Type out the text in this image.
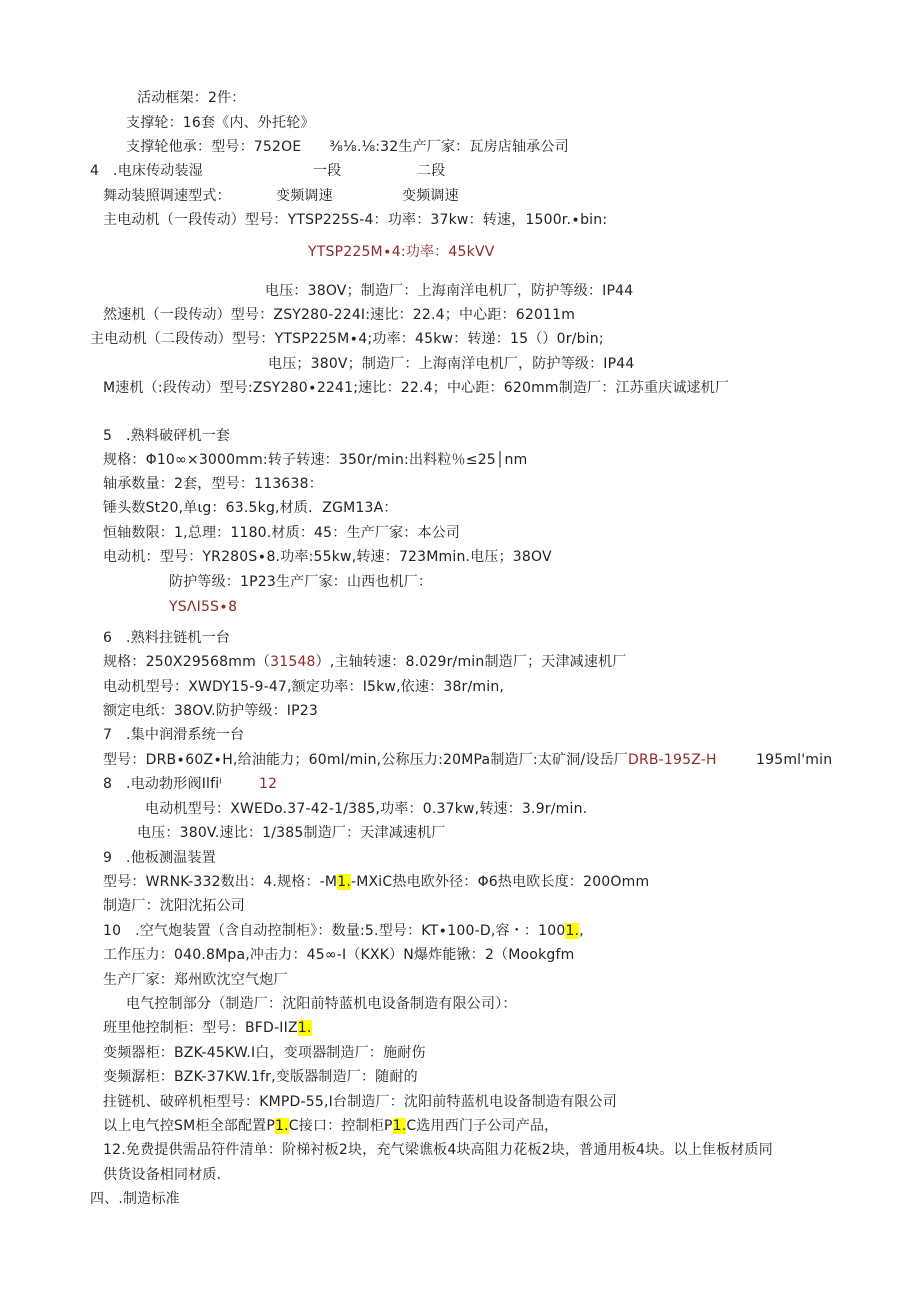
活动框架：2件：
支撑轮：16套《内、外托轮》
支撑轮他承：型号：752OE      ⅜⅛.⅛:32生产厂家：瓦房店轴承公司
4   .电床传动装湿	一段	二段
舞动装照调速型式：	变频调速	变频调速
主电动机（一段传动）型号：YTSP225S-4：功率：37kw：转速，1500r.∙bin:
YTSP225M∙4:功率：45kVV
电压：38OV；制造厂：上海南洋电机厂，防护等级：IP44
然速机（一段传动）型号：ZSY280-224I:速比：22.4；中心距：62011m
主电动机（二段传动）型号：YTSP225M∙4;功率：45kw：转递：15（）0r∕bin;
电压；380V；制造厂：上海南洋电机厂，防护等级：IP44
M速机（:段传动）型号:ZSY280∙2241;速比：22.4；中心距：620mm制造厂：江苏重庆诚逑机厂
5   .熟料破砰机一套
规格：Φ10∞×3000mm:转子转速：350r∕min:出料粒％≤25│nm
轴承数量：2套，型号：113638：
锤头数St20,单ιg：63.5kg,材质．ZGM13A：
恒轴数限：1,总理：1180.材质：45：生产厂家：本公司
电动机：型号：YR280S∙8.功率:55kw,转速：723Mmin.电压；38OV
防护等级：1P23生产厂家：山西也机厂：
YSΛI5S∙8
6   .熟料拄链机一台
规格：250X29568mm（31548）,主轴转速：8.029r∕min制造厂；天津减速机厂
电动机型号：XWDY15-9-47,额定功率：I5kw,依速：38r∕min,
额定电纸：38OV.防护等级：IP23
7   .集中润滑系统一台
型号：DRB∙60Z∙H,给油能力；60ml∕min,公称压力:20MPa制造厂:太矿洞/设岳厂DRB-195Z-H	195ml'min
8   .电动勃形阀Ilfiⁱ	12
电动机型号：XWEDo.37-42-1/385,功率：0.37kw,转速：3.9r∕min.
电压：380V.速比：1/385制造厂：天津减速机厂
9   .他板测温装置
型号：WRNK-332数出：4.规格：-M1.-MXiC热电欧外径：Φ6热电欧长度：200Omm
制造厂：沈阳沈拓公司
10   .空气炮装置（含自动控制柜》：数量:5.型号：KT∙100-D,容・：1001.,
工作压力：040.8Mpa,冲击力：45∞-I（KXK）N爆炸能锹：2（Mookgfm
生产厂家：郑州欧沈空气炮厂
电气控制部分（制造厂：沈阳前特蓝机电设备制造有限公司）：
班里他控制柜：型号：BFD-IIZ1.
变频器柜：BZK-45KW.I白，变项器制造厂：施耐伤
变频潺柜：BZK-37KW.1fr,变版器制造厂：随耐的
拄链机、破碎机柜型号：KMPD-55,I台制造厂：沈阳前特蓝机电设备制造有限公司
以上电气控SM柜全部配置P1.C接口：控制柜P1.C选用西门子公司产品，
12.免费提供需品符件清单：阶梯衬板2块，充气梁谯板4块高阻力花板2块，普通用板4块。以上隹板材质同
供货设备相同材质.
四、.制造标准
